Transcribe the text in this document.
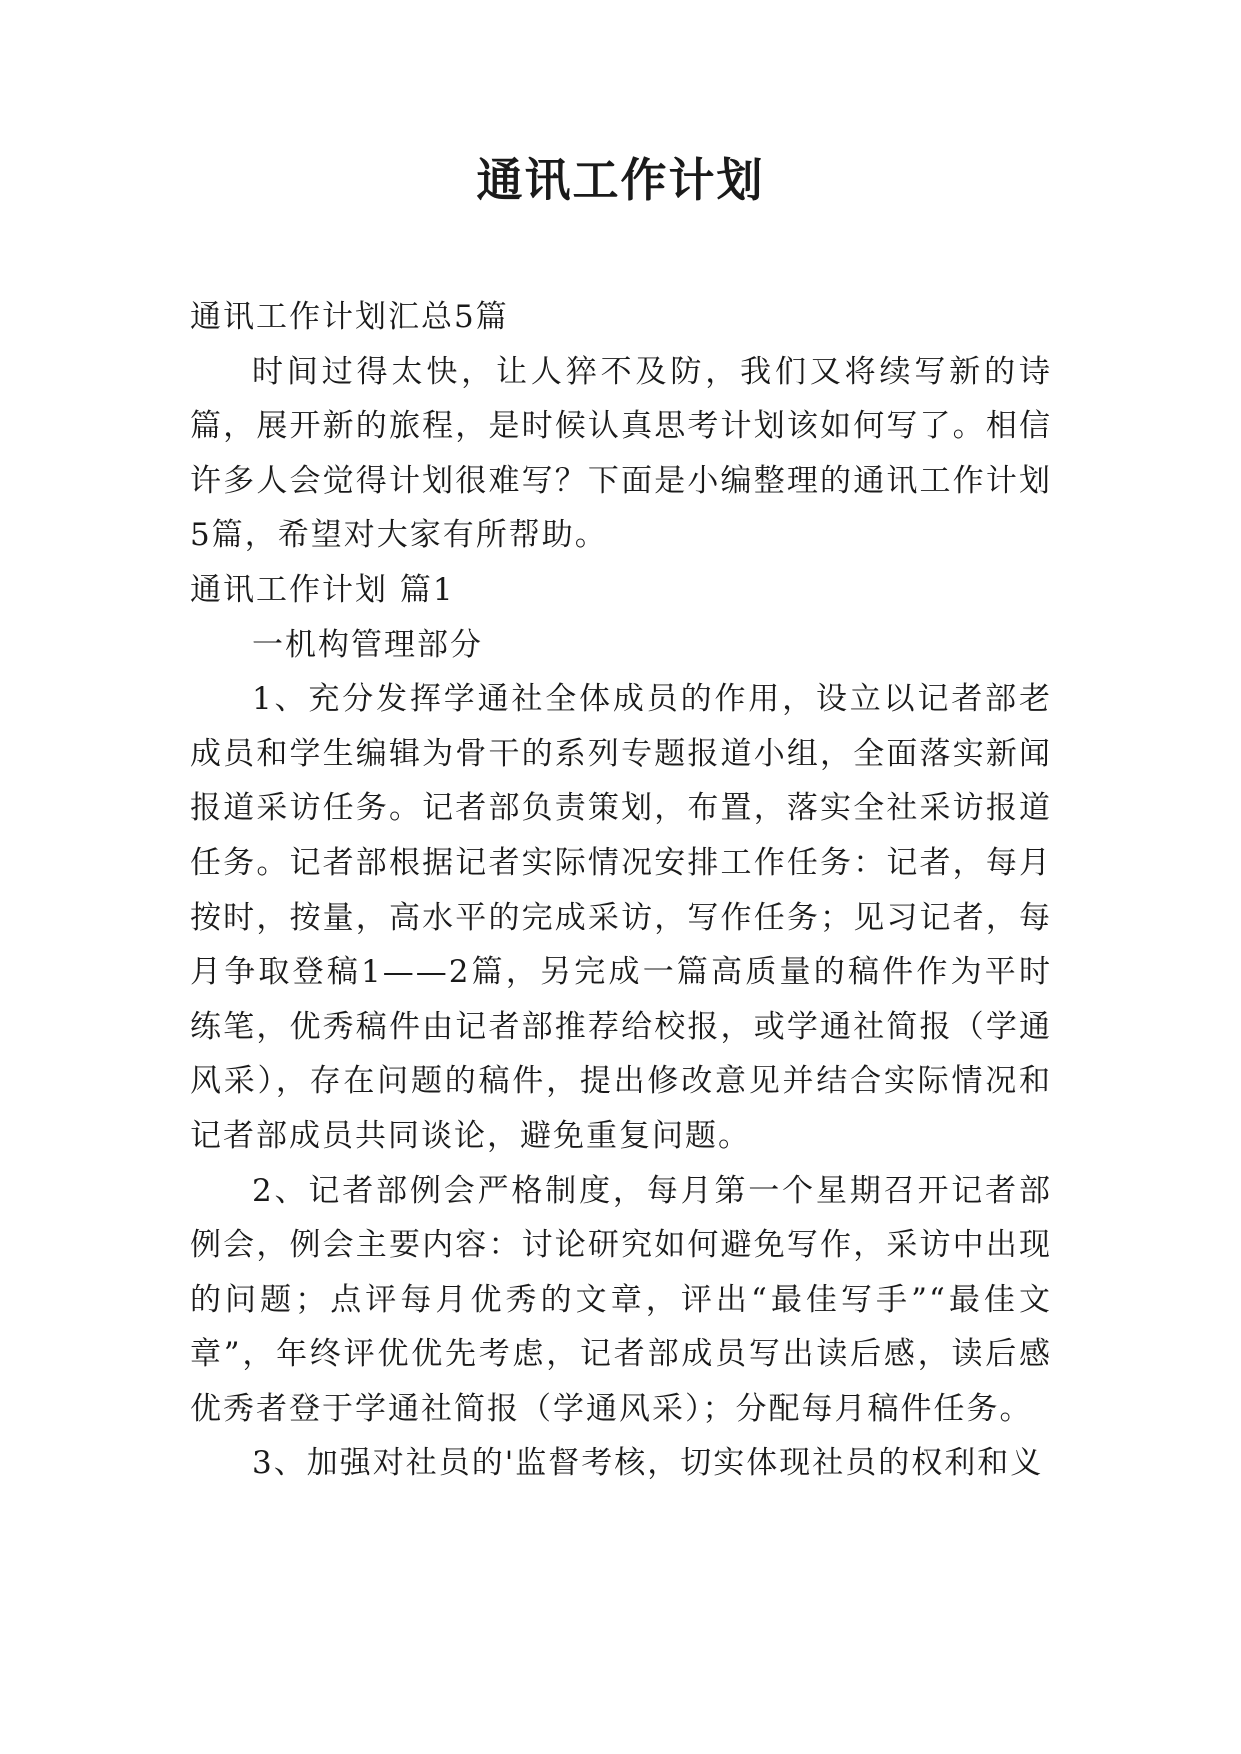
通讯工作计划

通讯工作计划汇总5篇

时间过得太快，让人猝不及防，我们又将续写新的诗篇，展开新的旅程，是时候认真思考计划该如何写了。相信许多人会觉得计划很难写？下面是小编整理的通讯工作计划5篇，希望对大家有所帮助。

通讯工作计划 篇1

一机构管理部分

1、充分发挥学通社全体成员的作用，设立以记者部老成员和学生编辑为骨干的系列专题报道小组，全面落实新闻报道采访任务。记者部负责策划，布置，落实全社采访报道任务。记者部根据记者实际情况安排工作任务：记者，每月按时，按量，高水平的完成采访，写作任务；见习记者，每月争取登稿1——2篇，另完成一篇高质量的稿件作为平时练笔，优秀稿件由记者部推荐给校报，或学通社简报（学通风采），存在问题的稿件，提出修改意见并结合实际情况和记者部成员共同谈论，避免重复问题。

2、记者部例会严格制度，每月第一个星期召开记者部例会，例会主要内容：讨论研究如何避免写作，采访中出现的问题；点评每月优秀的文章，评出“最佳写手”“最佳文章”，年终评优优先考虑，记者部成员写出读后感，读后感优秀者登于学通社简报（学通风采）；分配每月稿件任务。

3、加强对社员的'监督考核，切实体现社员的权利和义
